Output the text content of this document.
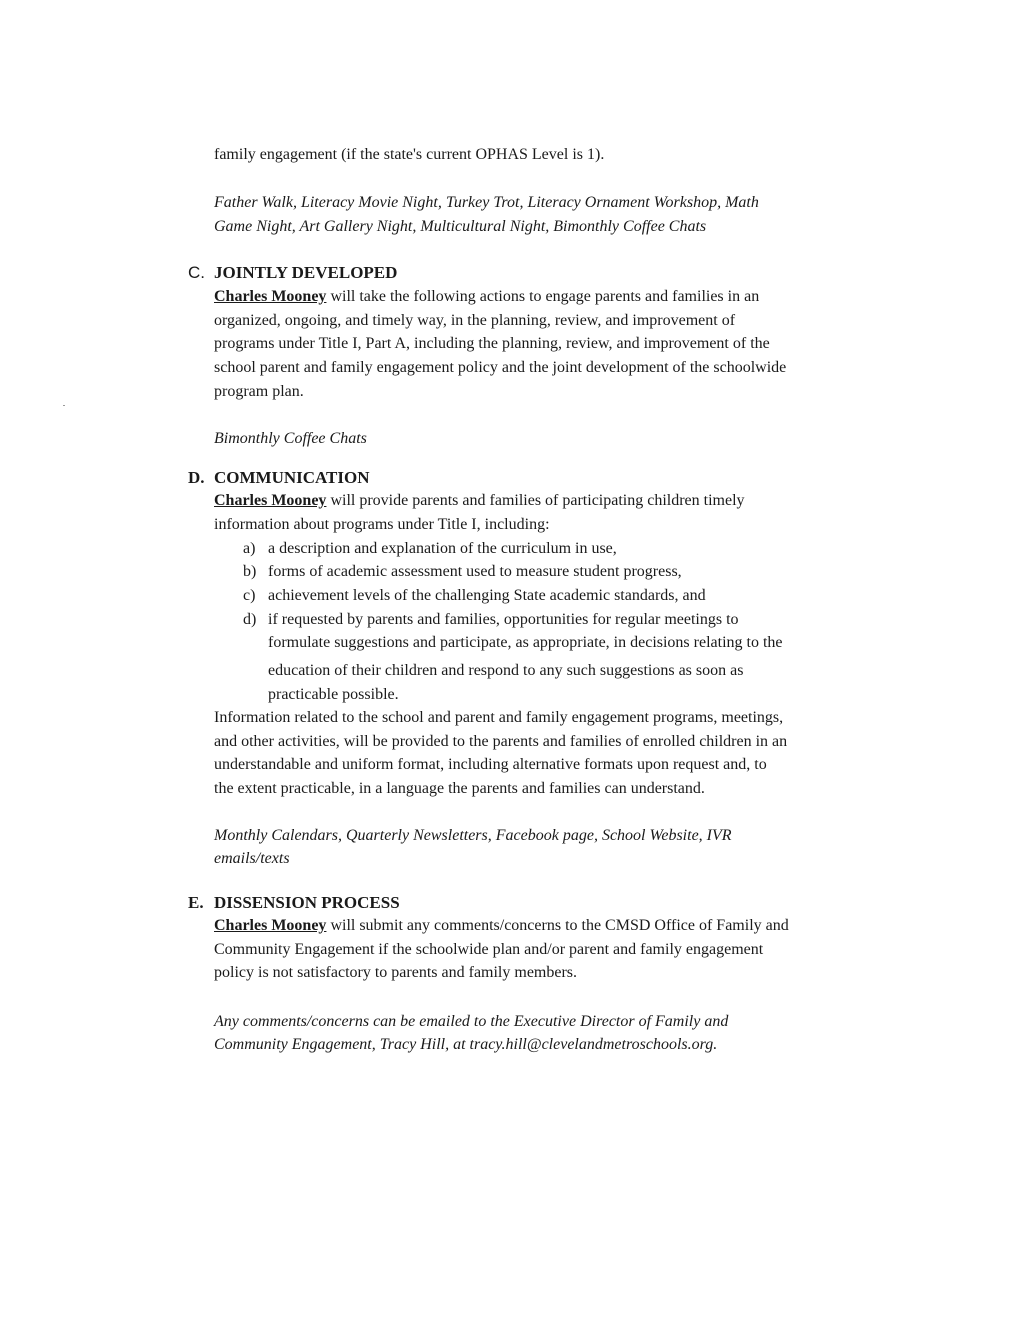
family engagement (if the state's current OPHAS Level is 1).
Father Walk, Literacy Movie Night, Turkey Trot, Literacy Ornament Workshop, Math
Game Night, Art Gallery Night, Multicultural Night, Bimonthly Coffee Chats
C. JOINTLY DEVELOPED
Charles Mooney will take the following actions to engage parents and families in an
organized, ongoing, and timely way, in the planning, review, and improvement of
programs under Title I, Part A, including the planning, review, and improvement of the
school parent and family engagement policy and the joint development of the schoolwide
program plan.
Bimonthly Coffee Chats
D. COMMUNICATION
Charles Mooney will provide parents and families of participating children timely
information about programs under Title I, including:
a) a description and explanation of the curriculum in use,
b) forms of academic assessment used to measure student progress,
c) achievement levels of the challenging State academic standards, and
d) if requested by parents and families, opportunities for regular meetings to
formulate suggestions and participate, as appropriate, in decisions relating to the
education of their children and respond to any such suggestions as soon as
practicable possible.
Information related to the school and parent and family engagement programs, meetings,
and other activities, will be provided to the parents and families of enrolled children in an
understandable and uniform format, including alternative formats upon request and, to
the extent practicable, in a language the parents and families can understand.
Monthly Calendars, Quarterly Newsletters, Facebook page, School Website, IVR
emails/texts
E. DISSENSION PROCESS
Charles Mooney will submit any comments/concerns to the CMSD Office of Family and
Community Engagement if the schoolwide plan and/or parent and family engagement
policy is not satisfactory to parents and family members.
Any comments/concerns can be emailed to the Executive Director of Family and
Community Engagement, Tracy Hill, at tracy.hill@clevelandmetroschools.org.
